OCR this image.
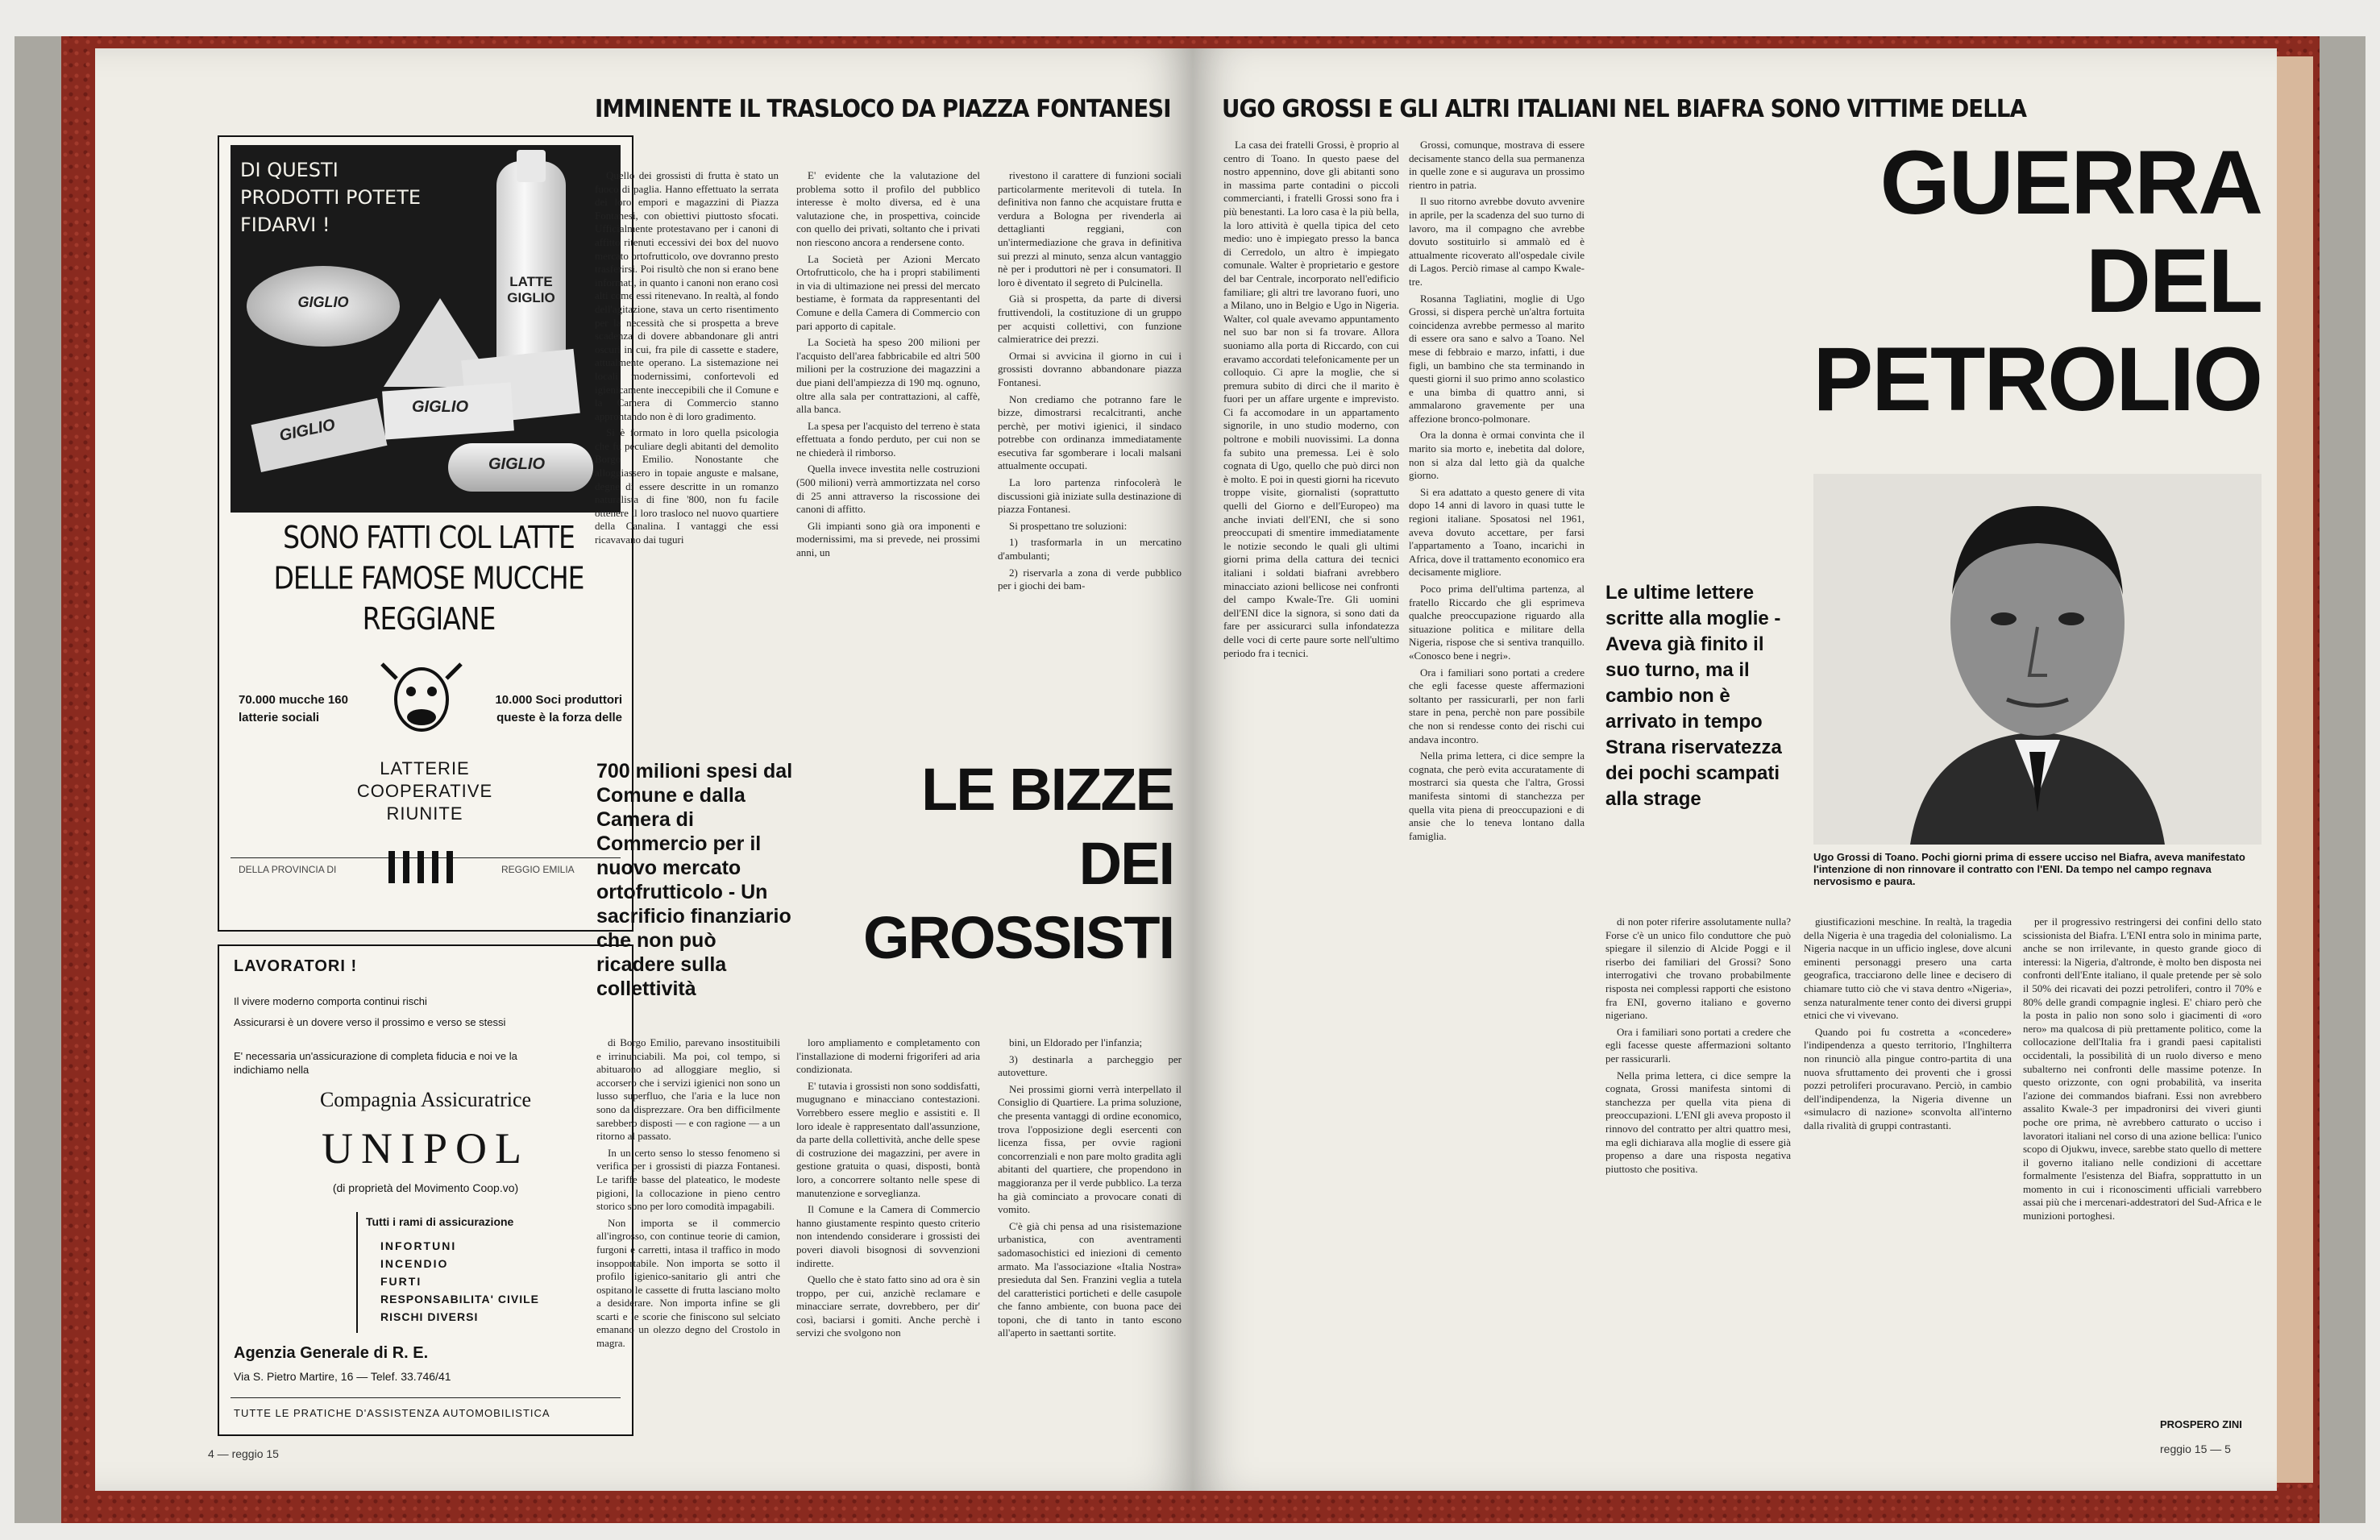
DI QUESTI PRODOTTI POTETE FIDARVI !
LATTE GIGLIO
GIGLIO
GIGLIO
GIGLIO
GIGLIO
SONO FATTI COL LATTE DELLE FAMOSE MUCCHE REGGIANE
70.000 mucche 160 latterie sociali
10.000 Soci produttori queste è la forza delle
LATTERIE COOPERATIVE RIUNITE
DELLA PROVINCIA DI	REGGIO EMILIA
LAVORATORI !
Il vivere moderno comporta continui rischi
Assicurarsi è un dovere verso il prossimo e verso se stessi
E' necessaria un'assicurazione di completa fiducia e noi ve la indichiamo nella
Compagnia Assicuratrice
UNIPOL
(di proprietà del Movimento Coop.vo)
Tutti i rami di assicurazione
INFORTUNI
INCENDIO
FURTI
RESPONSABILITA' CIVILE
RISCHI DIVERSI
Agenzia Generale di R. E.
Via S. Pietro Martire, 16 — Telef. 33.746/41
TUTTE LE PRATICHE D'ASSISTENZA AUTOMOBILISTICA
IMMINENTE IL TRASLOCO DA PIAZZA FONTANESI

Quello dei grossisti di frutta è stato un fuoco di paglia. Hanno effettuato la serrata dei loro empori e magazzini di Piazza Fontanesi, con obiettivi piuttosto sfocati. Ufficialmente protestavano per i canoni di affitto ritenuti eccessivi dei box del nuovo mercato ortofrutticolo, ove dovranno presto trasferirsi. Poi risultò che non si erano bene informati, in quanto i canoni non erano così alti come essi ritenevano. In realtà, al fondo dell'agitazione, stava un certo risentimento per la necessità che si prospetta a breve scadenza di dovere abbandonare gli antri oscuri in cui, fra pile di cassette e stadere, attualmente operano. La sistemazione nei locali modernissimi, confortevoli ed igienicamente ineccepibili che il Comune e la Camera di Commercio stanno approntando non è di loro gradimento.

Si è formato in loro quella psicologia che fu peculiare degli abitanti del demolito Borgo Emilio. Nonostante che alloggiassero in topaie anguste e malsane, degne di essere descritte in un romanzo naturalista di fine '800, non fu facile ottenere il loro trasloco nel nuovo quartiere della Canalina. I vantaggi che essi ricavavano dai tuguri

E' evidente che la valutazione del problema sotto il profilo del pubblico interesse è molto diversa, ed è una valutazione che, in prospettiva, coincide con quello dei privati, soltanto che i privati non riescono ancora a rendersene conto.

La Società per Azioni Mercato Ortofrutticolo, che ha i propri stabilimenti in via di ultimazione nei pressi del mercato bestiame, è formata da rappresentanti del Comune e della Camera di Commercio con pari apporto di capitale.

La Società ha speso 200 milioni per l'acquisto dell'area fabbricabile ed altri 500 milioni per la costruzione dei magazzini a due piani dell'ampiezza di 190 mq. ognuno, oltre alla sala per contrattazioni, al caffè, alla banca.

La spesa per l'acquisto del terreno è stata effettuata a fondo perduto, per cui non se ne chiederà il rimborso.

Quella invece investita nelle costruzioni (500 milioni) verrà ammortizzata nel corso di 25 anni attraverso la riscossione dei canoni di affitto.

Gli impianti sono già ora imponenti e modernissimi, ma si prevede, nei prossimi anni, un

rivestono il carattere di funzioni sociali particolarmente meritevoli di tutela. In definitiva non fanno che acquistare frutta e verdura a Bologna per rivenderla ai dettaglianti reggiani, con un'intermediazione che grava in definitiva sui prezzi al minuto, senza alcun vantaggio nè per i produttori nè per i consumatori. Il loro è diventato il segreto di Pulcinella.

Già si prospetta, da parte di diversi fruttivendoli, la costituzione di un gruppo per acquisti collettivi, con funzione calmieratrice dei prezzi.

Ormai si avvicina il giorno in cui i grossisti dovranno abbandonare piazza Fontanesi.

Non crediamo che potranno fare le bizze, dimostrarsi recalcitranti, anche perchè, per motivi igienici, il sindaco potrebbe con ordinanza immediatamente esecutiva far sgomberare i locali malsani attualmente occupati.

La loro partenza rinfocolerà le discussioni già iniziate sulla destinazione di piazza Fontanesi.

Si prospettano tre soluzioni:

1) trasformarla in un mercatino d'ambulanti;

2) riservarla a zona di verde pubblico per i giochi dei bam-

700 milioni spesi dal Comune e dalla Camera di Commercio per il nuovo mercato ortofrutticolo - Un sacrificio finanziario che non può ricadere sulla collettività
LE BIZZE
DEI
GROSSISTI

di Borgo Emilio, parevano insostituibili e irrinunciabili. Ma poi, col tempo, si abituarono ad alloggiare meglio, si accorsero che i servizi igienici non sono un lusso superfluo, che l'aria e la luce non sono da disprezzare. Ora ben difficilmente sarebbero disposti — e con ragione — a un ritorno al passato.

In un certo senso lo stesso fenomeno si verifica per i grossisti di piazza Fontanesi. Le tariffe basse del plateatico, le modeste pigioni, la collocazione in pieno centro storico sono per loro comodità impagabili.

Non importa se il commercio all'ingrosso, con continue teorie di camion, furgoni e carretti, intasa il traffico in modo insopportabile. Non importa se sotto il profilo igienico-sanitario gli antri che ospitano le cassette di frutta lasciano molto a desiderare. Non importa infine se gli scarti e le scorie che finiscono sul selciato emanano un olezzo degno del Crostolo in magra.

loro ampliamento e completamento con l'installazione di moderni frigoriferi ad aria condizionata.

E' tutavia i grossisti non sono soddisfatti, mugugnano e minacciano contestazioni. Vorrebbero essere meglio e assistiti e. Il loro ideale è rappresentato dall'assunzione, da parte della collettività, anche delle spese di costruzione dei magazzini, per avere in gestione gratuita o quasi, disposti, bontà loro, a concorrere soltanto nelle spese di manutenzione e sorveglianza.

Il Comune e la Camera di Commercio hanno giustamente respinto questo criterio non intendendo considerare i grossisti dei poveri diavoli bisognosi di sovvenzioni indirette.

Quello che è stato fatto sino ad ora è sin troppo, per cui, anzichè reclamare e minacciare serrate, dovrebbero, per dir' così, baciarsi i gomiti. Anche perchè i servizi che svolgono non

bini, un Eldorado per l'infanzia;

3) destinarla a parcheggio per autovetture.

Nei prossimi giorni verrà interpellato il Consiglio di Quartiere. La prima soluzione, che presenta vantaggi di ordine economico, trova l'opposizione degli esercenti con licenza fissa, per ovvie ragioni concorrenziali e non pare molto gradita agli abitanti del quartiere, che propendono in maggioranza per il verde pubblico. La terza ha già cominciato a provocare conati di vomito.

C'è già chi pensa ad una risistemazione urbanistica, con aventramenti sadomasochistici ed iniezioni di cemento armato. Ma l'associazione «Italia Nostra» presieduta dal Sen. Franzini veglia a tutela del caratteristici porticheti e delle casupole che fanno ambiente, con buona pace dei toponi, che di tanto in tanto escono all'aperto in saettanti sortite.

4 — reggio 15
UGO GROSSI E GLI ALTRI ITALIANI NEL BIAFRA SONO VITTIME DELLA

La casa dei fratelli Grossi, è proprio al centro di Toano. In questo paese del nostro appennino, dove gli abitanti sono in massima parte contadini o piccoli commercianti, i fratelli Grossi sono fra i più benestanti. La loro casa è la più bella, la loro attività è quella tipica del ceto medio: uno è impiegato presso la banca di Cerredolo, un altro è impiegato comunale. Walter è proprietario e gestore del bar Centrale, incorporato nell'edificio familiare; gli altri tre lavorano fuori, uno a Milano, uno in Belgio e Ugo in Nigeria. Walter, col quale avevamo appuntamento nel suo bar non si fa trovare. Allora suoniamo alla porta di Riccardo, con cui eravamo accordati telefonicamente per un colloquio. Ci apre la moglie, che si premura subito di dirci che il marito è fuori per un affare urgente e imprevisto. Ci fa accomodare in un appartamento signorile, in uno studio moderno, con poltrone e mobili nuovissimi. La donna fa subito una premessa. Lei è solo cognata di Ugo, quello che può dirci non è molto. E poi in questi giorni ha ricevuto troppe visite, giornalisti (soprattutto quelli del Giorno e dell'Europeo) ma anche inviati dell'ENI, che si sono preoccupati di smentire immediatamente le notizie secondo le quali gli ultimi giorni prima della cattura dei tecnici italiani i soldati biafrani avrebbero minacciato azioni bellicose nei confronti del campo Kwale-Tre. Gli uomini dell'ENI dice la signora, si sono dati da fare per assicurarci sulla infondatezza delle voci di certe paure sorte nell'ultimo periodo fra i tecnici.

Grossi, comunque, mostrava di essere decisamente stanco della sua permanenza in quelle zone e si augurava un prossimo rientro in patria.

Il suo ritorno avrebbe dovuto avvenire in aprile, per la scadenza del suo turno di lavoro, ma il compagno che avrebbe dovuto sostituirlo si ammalò ed è attualmente ricoverato all'ospedale civile di Lagos. Perciò rimase al campo Kwale-tre.

Rosanna Tagliatini, moglie di Ugo Grossi, si dispera perchè un'altra fortuita coincidenza avrebbe permesso al marito di essere ora sano e salvo a Toano. Nel mese di febbraio e marzo, infatti, i due figli, un bambino che sta terminando in questi giorni il suo primo anno scolastico e una bimba di quattro anni, si ammalarono gravemente per una affezione bronco-polmonare.

Ora la donna è ormai convinta che il marito sia morto e, inebetita dal dolore, non si alza dal letto già da qualche giorno.

Si era adattato a questo genere di vita dopo 14 anni di lavoro in quasi tutte le regioni italiane. Sposatosi nel 1961, aveva dovuto accettare, per farsi l'appartamento a Toano, incarichi in Africa, dove il trattamento economico era decisamente migliore.

Poco prima dell'ultima partenza, al fratello Riccardo che gli esprimeva qualche preoccupazione riguardo alla situazione politica e militare della Nigeria, rispose che si sentiva tranquillo. «Conosco bene i negri».

Ora i familiari sono portati a credere che egli facesse queste affermazioni soltanto per rassicurarli, per non farli stare in pena, perchè non pare possibile che non si rendesse conto dei rischi cui andava incontro.

Nella prima lettera, ci dice sempre la cognata, che però evita accuratamente di mostrarci sia questa che l'altra, Grossi manifesta sintomi di stanchezza per quella vita piena di preoccupazioni e di ansie che lo teneva lontano dalla famiglia.

GUERRA
DEL
PETROLIO
Le ultime lettere scritte alla moglie - Aveva già finito il suo turno, ma il cambio non è arrivato in tempo Strana riservatezza dei pochi scampati alla strage
Ugo Grossi di Toano. Pochi giorni prima di essere ucciso nel Biafra, aveva manifestato l'intenzione di non rinnovare il contratto con l'ENI. Da tempo nel campo regnava nervosismo e paura.

di non poter riferire assolutamente nulla? Forse c'è un unico filo conduttore che può spiegare il silenzio di Alcide Poggi e il riserbo dei familiari del Grossi? Sono interrogativi che trovano probabilmente risposta nei complessi rapporti che esistono fra ENI, governo italiano e governo nigeriano.

Ora i familiari sono portati a credere che egli facesse queste affermazioni soltanto per rassicurarli.

Nella prima lettera, ci dice sempre la cognata, Grossi manifesta sintomi di stanchezza per quella vita piena di preoccupazioni. L'ENI gli aveva proposto il rinnovo del contratto per altri quattro mesi, ma egli dichiarava alla moglie di essere già propenso a dare una risposta negativa piuttosto che positiva.

giustificazioni meschine. In realtà, la tragedia della Nigeria è una tragedia del colonialismo. La Nigeria nacque in un ufficio inglese, dove alcuni eminenti personaggi presero una carta geografica, tracciarono delle linee e decisero di chiamare tutto ciò che vi stava dentro «Nigeria», senza naturalmente tener conto dei diversi gruppi etnici che vi vivevano.

Quando poi fu costretta a «concedere» l'indipendenza a questo territorio, l'Inghilterra non rinunciò alla pingue contro-partita di una nuova sfruttamento dei proventi che i grossi pozzi petroliferi procuravano. Perciò, in cambio dell'indipendenza, la Nigeria divenne un «simulacro di nazione» sconvolta all'interno dalla rivalità di gruppi contrastanti.

per il progressivo restringersi dei confini dello stato scissionista del Biafra. L'ENI entra solo in minima parte, anche se non irrilevante, in questo grande gioco di interessi: la Nigeria, d'altronde, è molto ben disposta nei confronti dell'Ente italiano, il quale pretende per sè solo il 50% dei ricavati dei pozzi petroliferi, contro il 70% e 80% delle grandi compagnie inglesi. E' chiaro però che la posta in palio non sono solo i giacimenti di «oro nero» ma qualcosa di più prettamente politico, come la collocazione dell'Italia fra i grandi paesi capitalisti occidentali, la possibilità di un ruolo diverso e meno subalterno nei confronti delle massime potenze. In questo orizzonte, con ogni probabilità, va inserita l'azione dei commandos biafrani. Essi non avrebbero assalito Kwale-3 per impadronirsi dei viveri giunti poche ore prima, nè avrebbero catturato o ucciso i lavoratori italiani nel corso di una azione bellica: l'unico scopo di Ojukwu, invece, sarebbe stato quello di mettere il governo italiano nelle condizioni di accettare formalmente l'esistenza del Biafra, sopprattutto in un momento in cui i riconoscimenti ufficiali varrebbero assai più che i mercenari-addestratori del Sud-Africa e le munizioni portoghesi.

PROSPERO ZINI
reggio 15 — 5
